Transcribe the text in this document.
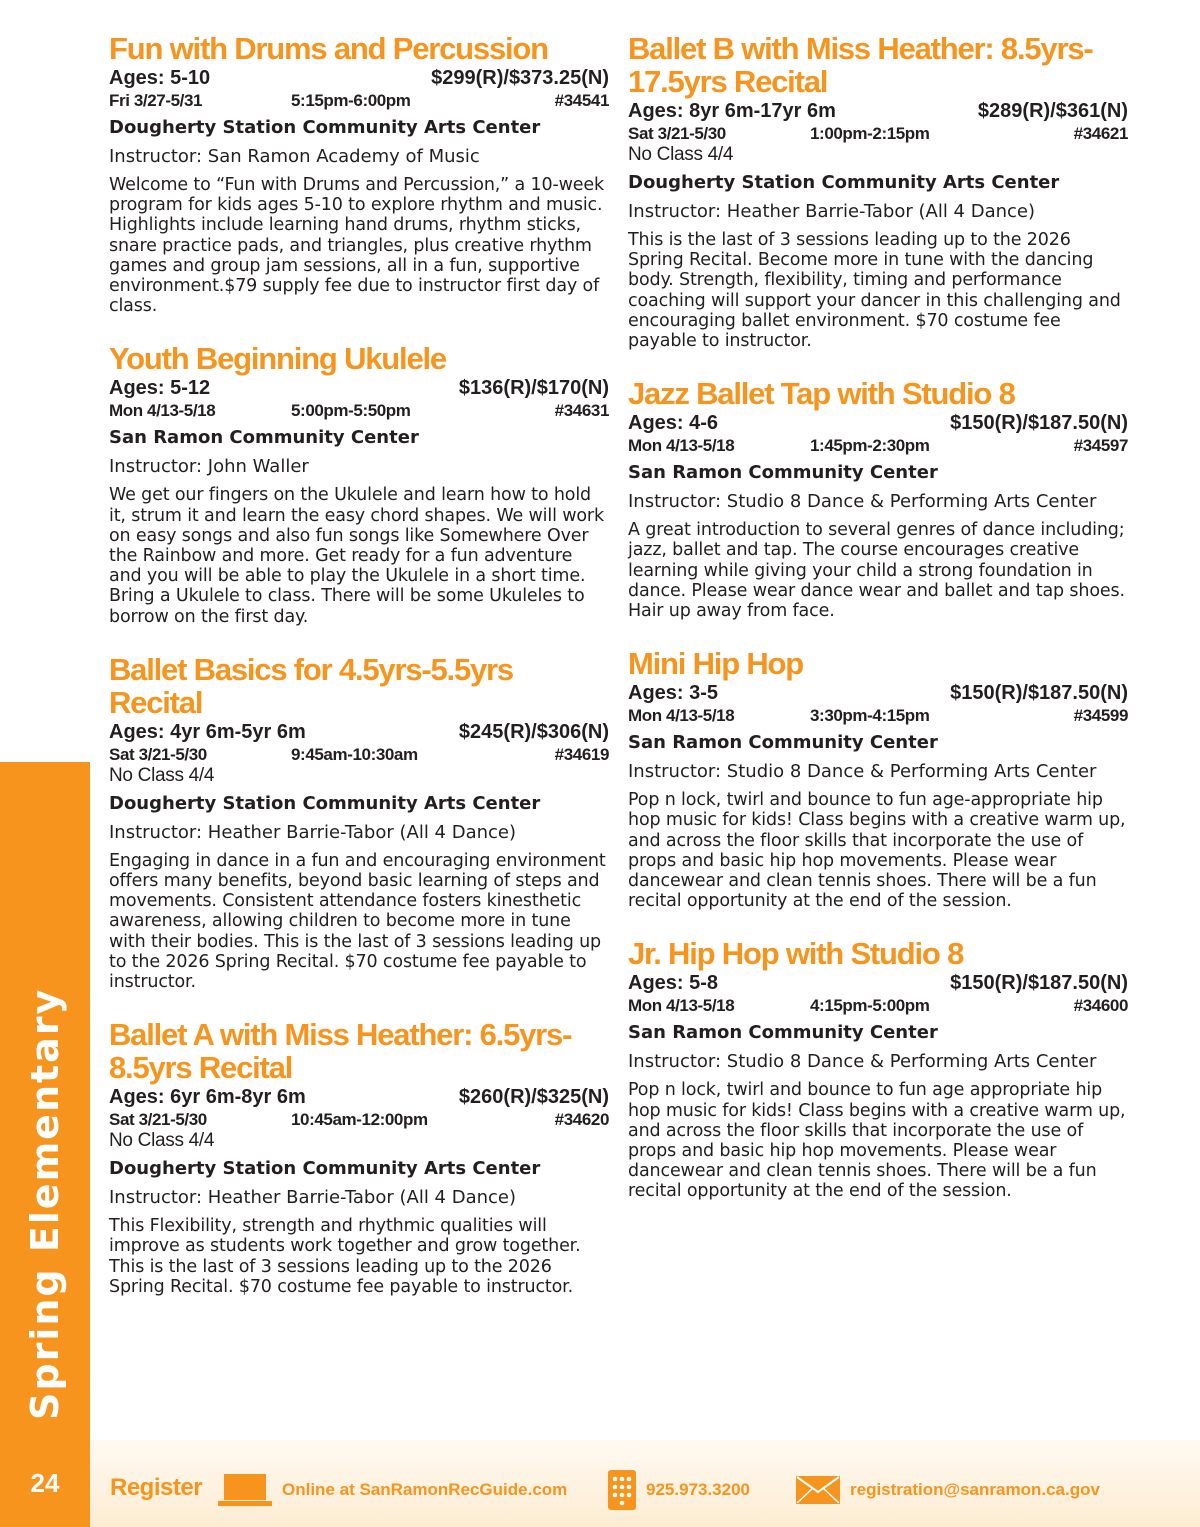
Spring Elementary
24
Fun with Drums and Percussion
Ages: 5-10	$299(R)/$373.25(N)
Fri 3/27-5/31	5:15pm-6:00pm	#34541
Dougherty Station Community Arts Center
Instructor: San Ramon Academy of Music
Welcome to “Fun with Drums and Percussion,” a 10-week program for kids ages 5-10 to explore rhythm and music. Highlights include learning hand drums, rhythm sticks, snare practice pads, and triangles, plus creative rhythm games and group jam sessions, all in a fun, supportive environment.$79 supply fee due to instructor first day of class.
Youth Beginning Ukulele
Ages: 5-12	$136(R)/$170(N)
Mon 4/13-5/18	5:00pm-5:50pm	#34631
San Ramon Community Center
Instructor: John Waller
We get our fingers on the Ukulele and learn how to hold it, strum it and learn the easy chord shapes. We will work on easy songs and also fun songs like Somewhere Over the Rainbow and more. Get ready for a fun adventure and you will be able to play the Ukulele in a short time. Bring a Ukulele to class. There will be some Ukuleles to borrow on the first day.
Ballet Basics for 4.5yrs-5.5yrs Recital
Ages: 4yr 6m-5yr 6m	$245(R)/$306(N)
Sat 3/21-5/30	9:45am-10:30am	#34619
No Class 4/4
Dougherty Station Community Arts Center
Instructor: Heather Barrie-Tabor (All 4 Dance)
Engaging in dance in a fun and encouraging environment offers many benefits, beyond basic learning of steps and movements. Consistent attendance fosters kinesthetic awareness, allowing children to become more in tune with their bodies. This is the last of 3 sessions leading up to the 2026 Spring Recital. $70 costume fee payable to instructor.
Ballet A with Miss Heather: 6.5yrs-8.5yrs Recital
Ages: 6yr 6m-8yr 6m	$260(R)/$325(N)
Sat 3/21-5/30	10:45am-12:00pm	#34620
No Class 4/4
Dougherty Station Community Arts Center
Instructor: Heather Barrie-Tabor (All 4 Dance)
This Flexibility, strength and rhythmic qualities will improve as students work together and grow together. This is the last of 3 sessions leading up to the 2026 Spring Recital. $70 costume fee payable to instructor.
Ballet B with Miss Heather: 8.5yrs-17.5yrs Recital
Ages: 8yr 6m-17yr 6m	$289(R)/$361(N)
Sat 3/21-5/30	1:00pm-2:15pm	#34621
No Class 4/4
Dougherty Station Community Arts Center
Instructor: Heather Barrie-Tabor (All 4 Dance)
This is the last of 3 sessions leading up to the 2026 Spring Recital. Become more in tune with the dancing body. Strength, flexibility, timing and performance coaching will support your dancer in this challenging and encouraging ballet environment. $70 costume fee payable to instructor.
Jazz Ballet Tap with Studio 8
Ages: 4-6	$150(R)/$187.50(N)
Mon 4/13-5/18	1:45pm-2:30pm	#34597
San Ramon Community Center
Instructor: Studio 8 Dance & Performing Arts Center
A great introduction to several genres of dance including; jazz, ballet and tap. The course encourages creative learning while giving your child a strong foundation in dance. Please wear dance wear and ballet and tap shoes. Hair up away from face.
Mini Hip Hop
Ages: 3-5	$150(R)/$187.50(N)
Mon 4/13-5/18	3:30pm-4:15pm	#34599
San Ramon Community Center
Instructor: Studio 8 Dance & Performing Arts Center
Pop n lock, twirl and bounce to fun age-appropriate hip hop music for kids! Class begins with a creative warm up, and across the floor skills that incorporate the use of props and basic hip hop movements. Please wear dancewear and clean tennis shoes. There will be a fun recital opportunity at the end of the session.
Jr. Hip Hop with Studio 8
Ages: 5-8	$150(R)/$187.50(N)
Mon 4/13-5/18	4:15pm-5:00pm	#34600
San Ramon Community Center
Instructor: Studio 8 Dance & Performing Arts Center
Pop n lock, twirl and bounce to fun age appropriate hip hop music for kids! Class begins with a creative warm up, and across the floor skills that incorporate the use of props and basic hip hop movements. Please wear dancewear and clean tennis shoes. There will be a fun recital opportunity at the end of the session.
Register	Online at SanRamonRecGuide.com	925.973.3200	registration@sanramon.ca.gov
